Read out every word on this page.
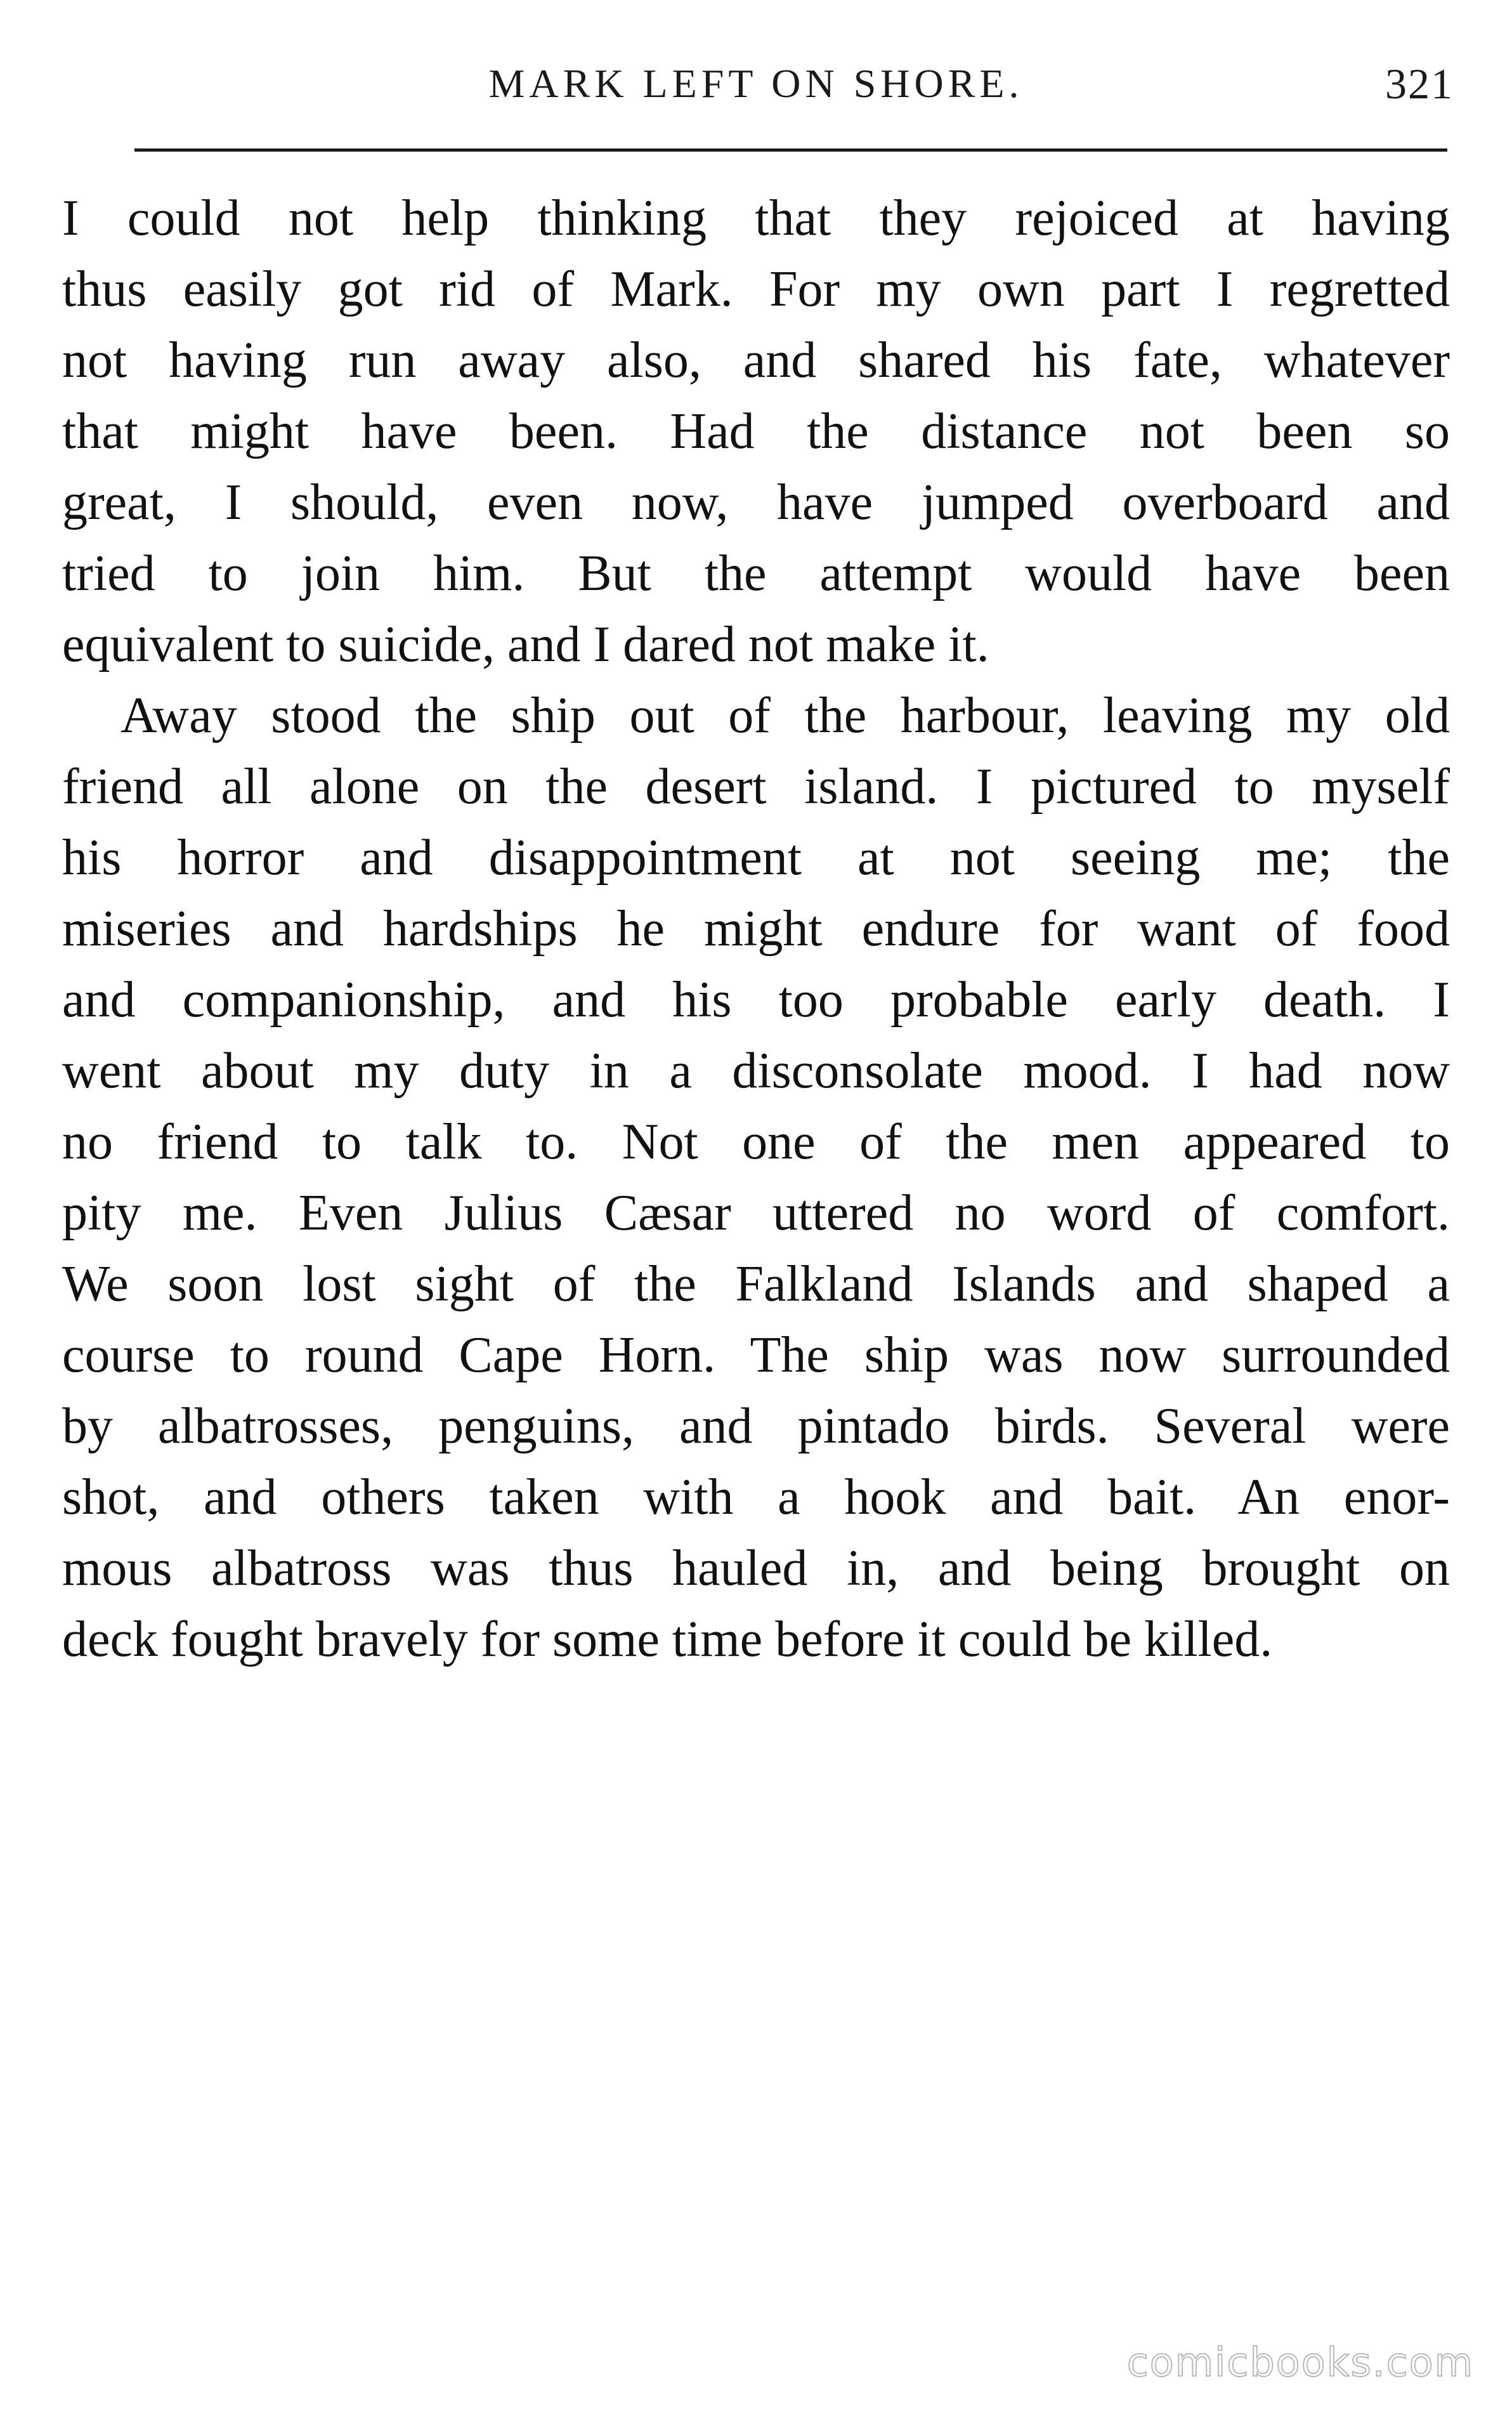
MARK LEFT ON SHORE.	321
I could not help thinking that they rejoiced at having
thus easily got rid of Mark. For my own part I regretted
not having run away also, and shared his fate, whatever
that might have been. Had the distance not been so
great, I should, even now, have jumped overboard and
tried to join him. But the attempt would have been
equivalent to suicide, and I dared not make it.
Away stood the ship out of the harbour, leaving my old
friend all alone on the desert island. I pictured to myself
his horror and disappointment at not seeing me; the
miseries and hardships he might endure for want of food
and companionship, and his too probable early death. I
went about my duty in a disconsolate mood. I had now
no friend to talk to. Not one of the men appeared to
pity me. Even Julius Cæsar uttered no word of comfort.
We soon lost sight of the Falkland Islands and shaped a
course to round Cape Horn. The ship was now surrounded
by albatrosses, penguins, and pintado birds. Several were
shot, and others taken with a hook and bait. An enor-
mous albatross was thus hauled in, and being brought on
deck fought bravely for some time before it could be killed.
comicbooks.com
